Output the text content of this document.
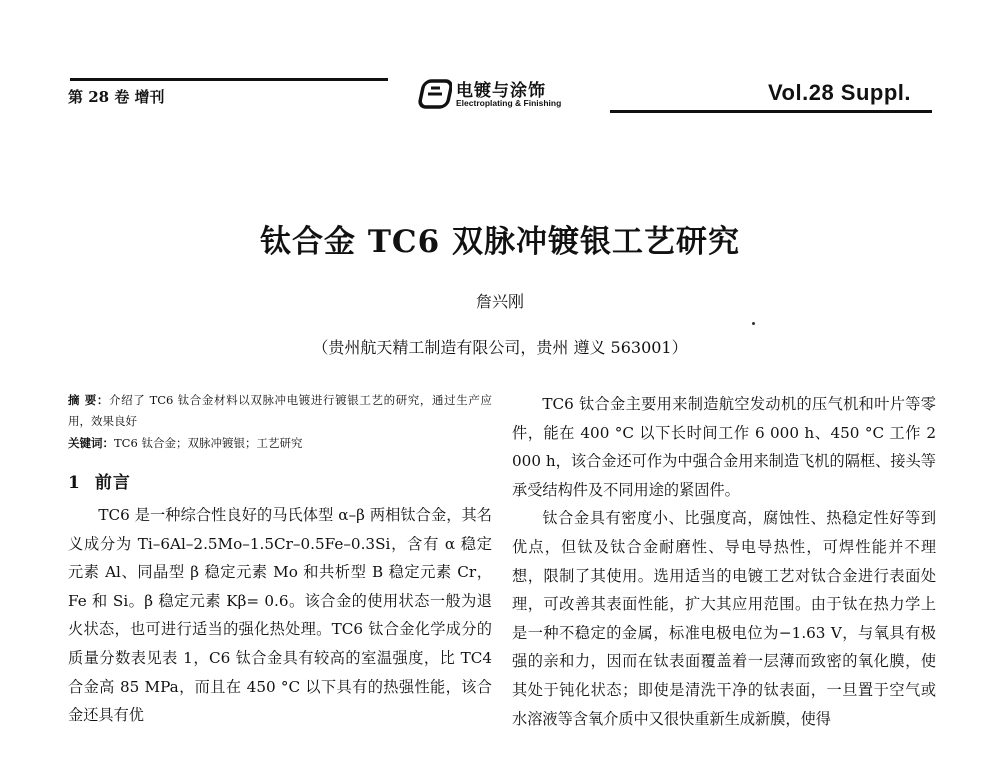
第 28 卷 增刊	电镀与涂饰
Electroplating & Finishing	Vol.28 Suppl.
钛合金 TC6 双脉冲镀银工艺研究
詹兴刚
（贵州航天精工制造有限公司，贵州 遵义 563001）
摘 要：介绍了 TC6 钛合金材料以双脉冲电镀进行镀银工艺的研究，通过生产应用，效果良好
关键词：TC6 钛合金；双脉冲镀银；工艺研究
1 前言

TC6 是一种综合性良好的马氏体型 α–β 两相钛合金，其名义成分为 Ti–6Al–2.5Mo–1.5Cr–0.5Fe–0.3Si，含有 α 稳定元素 Al、同晶型 β 稳定元素 Mo 和共析型 B 稳定元素 Cr，Fe 和 Si。β 稳定元素 Kβ= 0.6。该合金的使用状态一般为退火状态，也可进行适当的强化热处理。TC6 钛合金化学成分的质量分数表见表 1，C6 钛合金具有较高的室温强度，比 TC4 合金高 85 MPa，而且在 450 °C 以下具有的热强性能，该合金还具有优

TC6 钛合金主要用来制造航空发动机的压气机和叶片等零件，能在 400 °C 以下长时间工作 6 000 h、450 °C 工作 2 000 h，该合金还可作为中强合金用来制造飞机的隔框、接头等承受结构件及不同用途的紧固件。

钛合金具有密度小、比强度高，腐蚀性、热稳定性好等到优点，但钛及钛合金耐磨性、导电导热性，可焊性能并不理想，限制了其使用。选用适当的电镀工艺对钛合金进行表面处理，可改善其表面性能，扩大其应用范围。由于钛在热力学上是一种不稳定的金属，标准电极电位为−1.63 V，与氧具有极强的亲和力，因而在钛表面覆盖着一层薄而致密的氧化膜，使其处于钝化状态；即使是清洗干净的钛表面，一旦置于空气或水溶液等含氧介质中又很快重新生成新膜，使得
